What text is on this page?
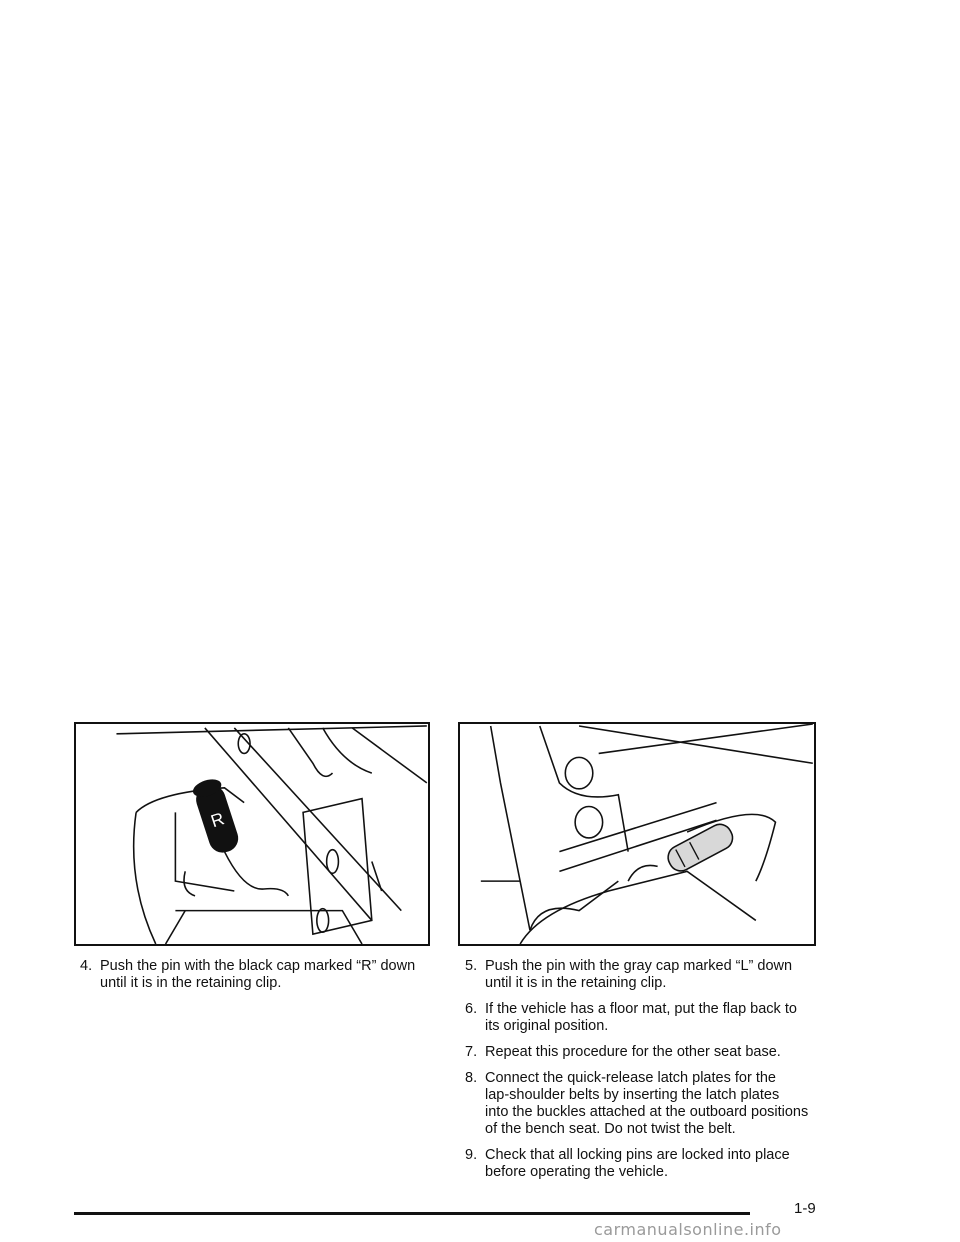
R
4. Push the pin with the black cap marked “R” down
until it is in the retaining clip.
5. Push the pin with the gray cap marked “L” down
until it is in the retaining clip.
6. If the vehicle has a floor mat, put the flap back to
its original position.
7. Repeat this procedure for the other seat base.
8. Connect the quick-release latch plates for the
lap-shoulder belts by inserting the latch plates
into the buckles attached at the outboard positions
of the bench seat. Do not twist the belt.
9. Check that all locking pins are locked into place
before operating the vehicle.
1-9
carmanualsonline.info
